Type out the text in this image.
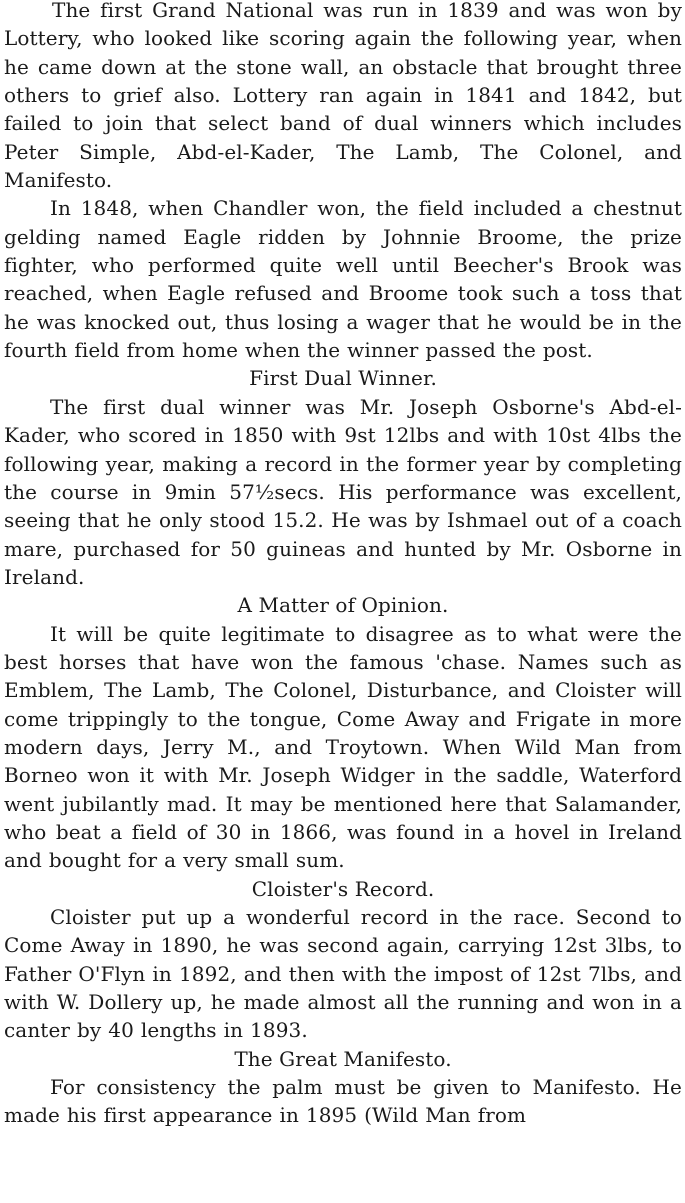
The first Grand National was run in 1839 and was won by Lottery, who looked like scoring again the following year, when he came down at the stone wall, an obstacle that brought three others to grief also. Lottery ran again in 1841 and 1842, but failed to join that select band of dual winners which includes Peter Simple, Abd-el-Kader, The Lamb, The Colonel, and Manifesto.

In 1848, when Chandler won, the field included a chestnut gelding named Eagle ridden by Johnnie Broome, the prize fighter, who performed quite well until Beecher's Brook was reached, when Eagle refused and Broome took such a toss that he was knocked out, thus losing a wager that he would be in the fourth field from home when the winner passed the post.

First Dual Winner.

The first dual winner was Mr. Joseph Osborne's Abd-el-Kader, who scored in 1850 with 9st 12lbs and with 10st 4lbs the following year, making a record in the former year by completing the course in 9min 57½secs. His performance was excellent, seeing that he only stood 15.2. He was by Ishmael out of a coach mare, purchased for 50 guineas and hunted by Mr. Osborne in Ireland.

A Matter of Opinion.

It will be quite legitimate to disagree as to what were the best horses that have won the famous 'chase. Names such as Emblem, The Lamb, The Colonel, Disturbance, and Cloister will come trippingly to the tongue, Come Away and Frigate in more modern days, Jerry M., and Troytown. When Wild Man from Borneo won it with Mr. Joseph Widger in the saddle, Waterford went jubilantly mad. It may be mentioned here that Salamander, who beat a field of 30 in 1866, was found in a hovel in Ireland and bought for a very small sum.

Cloister's Record.

Cloister put up a wonderful record in the race. Second to Come Away in 1890, he was second again, carrying 12st 3lbs, to Father O'Flyn in 1892, and then with the impost of 12st 7lbs, and with W. Dollery up, he made almost all the running and won in a canter by 40 lengths in 1893.

The Great Manifesto.

For consistency the palm must be given to Manifesto. He made his first appearance in 1895 (Wild Man from
